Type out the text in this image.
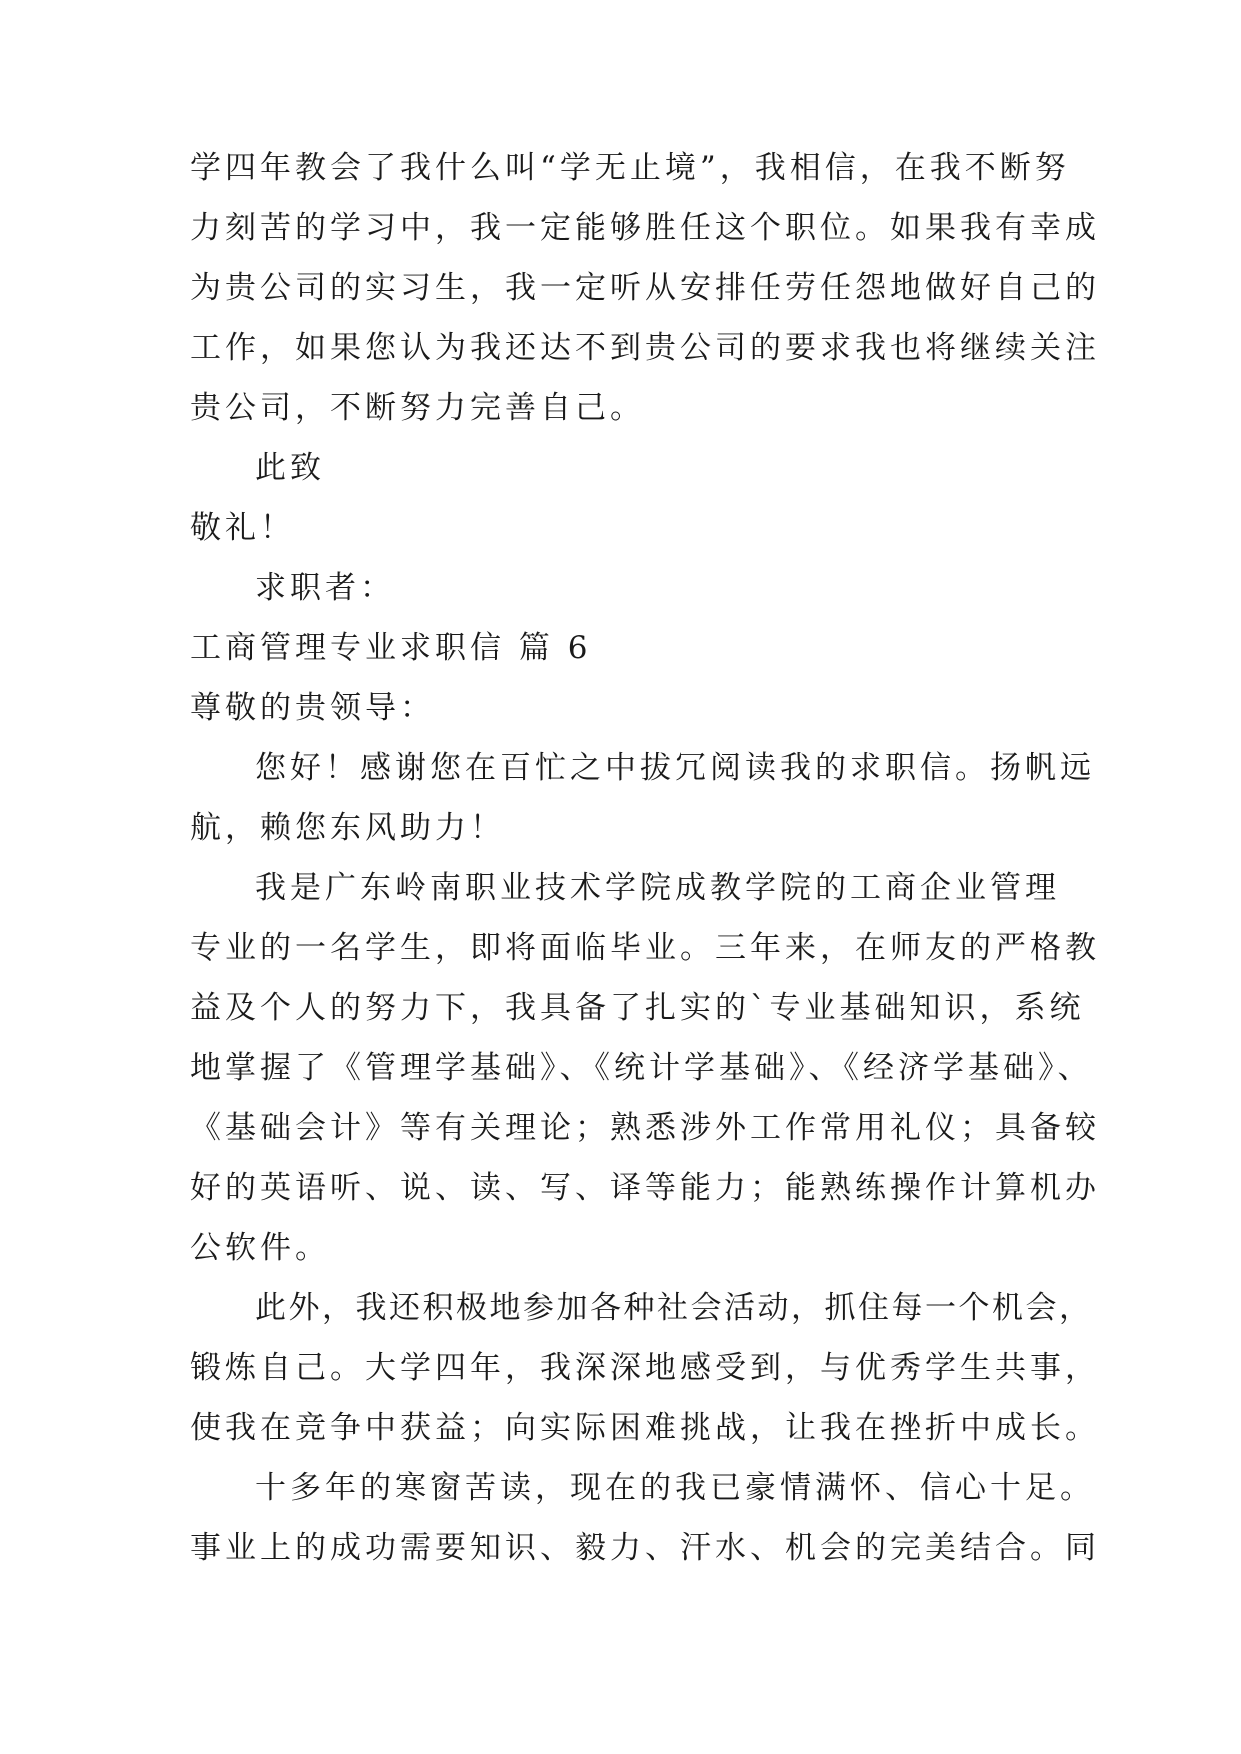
学四年教会了我什么叫“学无止境”，我相信，在我不断努
力刻苦的学习中，我一定能够胜任这个职位。如果我有幸成
为贵公司的实习生，我一定听从安排任劳任怨地做好自己的
工作，如果您认为我还达不到贵公司的要求我也将继续关注
贵公司，不断努力完善自己。
此致
敬礼！
求职者：
工商管理专业求职信 篇 6
尊敬的贵领导：
您好！感谢您在百忙之中拔冗阅读我的求职信。扬帆远
航，赖您东风助力！
我是广东岭南职业技术学院成教学院的工商企业管理
专业的一名学生，即将面临毕业。三年来，在师友的严格教
益及个人的努力下，我具备了扎实的`专业基础知识，系统
地掌握了《管理学基础》、《统计学基础》、《经济学基础》、
《基础会计》等有关理论；熟悉涉外工作常用礼仪；具备较
好的英语听、说、读、写、译等能力；能熟练操作计算机办
公软件。
此外，我还积极地参加各种社会活动，抓住每一个机会，
锻炼自己。大学四年，我深深地感受到，与优秀学生共事，
使我在竞争中获益；向实际困难挑战，让我在挫折中成长。
十多年的寒窗苦读，现在的我已豪情满怀、信心十足。
事业上的成功需要知识、毅力、汗水、机会的完美结合。同
